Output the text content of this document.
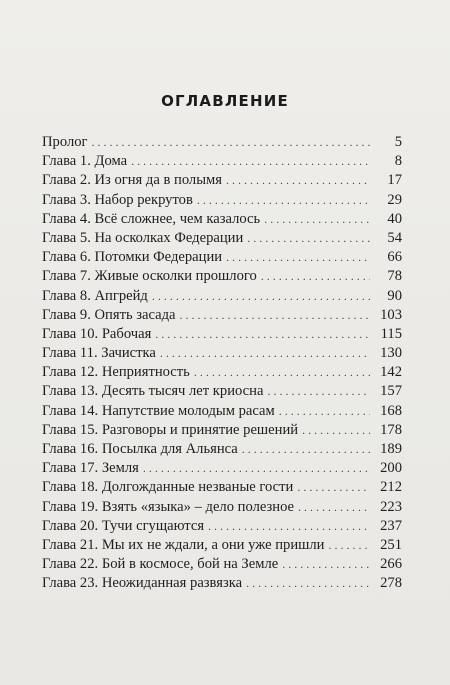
ОГЛАВЛЕНИЕ
Пролог . . .	5
Глава 1. Дома . . .	8
Глава 2. Из огня да в полымя . . .	17
Глава 3. Набор рекрутов . . .	29
Глава 4. Всё сложнее, чем казалось . . .	40
Глава 5. На осколках Федерации . . .	54
Глава 6. Потомки Федерации . . .	66
Глава 7. Живые осколки прошлого . . .	78
Глава 8. Апгрейд . . .	90
Глава 9. Опять засада . . .	103
Глава 10. Рабочая . . .	115
Глава 11. Зачистка . . .	130
Глава 12. Неприятность . . .	142
Глава 13. Десять тысяч лет криосна . . .	157
Глава 14. Напутствие молодым расам . . .	168
Глава 15. Разговоры и принятие решений . . .	178
Глава 16. Посылка для Альянса . . .	189
Глава 17. Земля . . .	200
Глава 18. Долгожданные незваные гости . . .	212
Глава 19. Взять «языка» – дело полезное . . .	223
Глава 20. Тучи сгущаются . . .	237
Глава 21. Мы их не ждали, а они уже пришли . . .	251
Глава 22. Бой в космосе, бой на Земле . . .	266
Глава 23. Неожиданная развязка . . .	278
